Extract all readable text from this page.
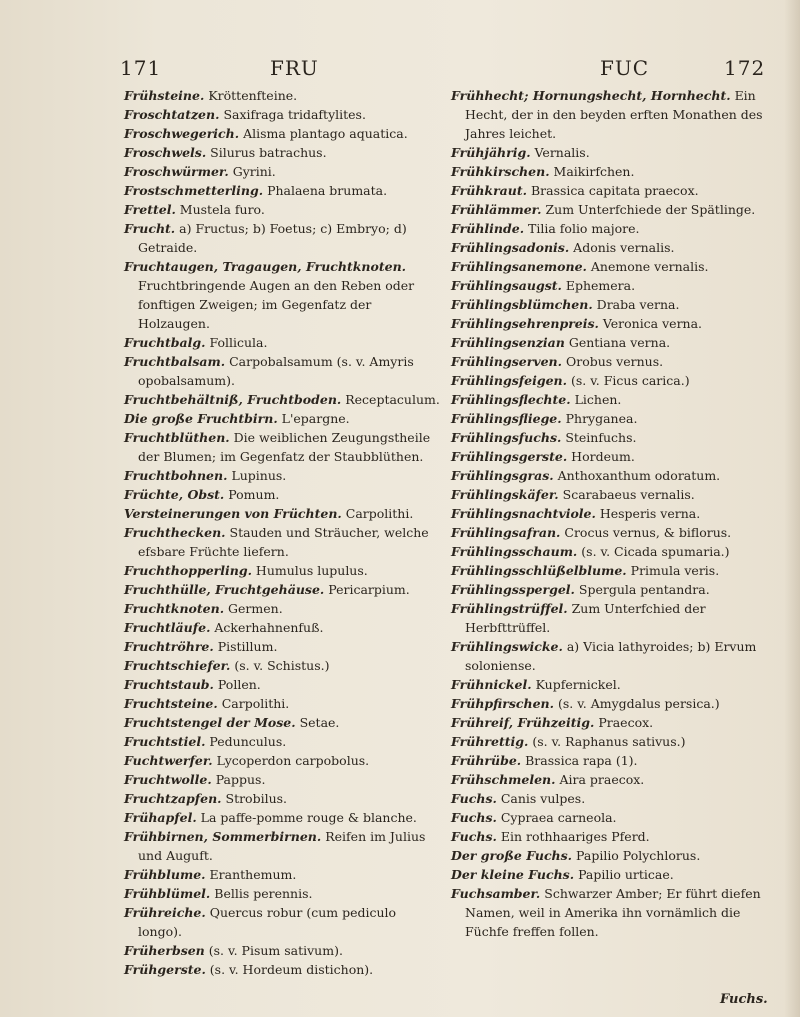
171	FRU	FUC	172
Frühsteine. Kröttenfteine.
Froschtatzen. Saxifraga tridaftylites.
Froschwegerich. Alisma plantago aquatica.
Froschwels. Silurus batrachus.
Froschwürmer. Gyrini.
Frostschmetterling. Phalaena brumata.
Frettel. Mustela furo.
Frucht. a) Fructus; b) Foetus; c) Embryo; d) Getraide.
Fruchtaugen, Tragaugen, Fruchtknoten. Fruchtbringende Augen an den Reben oder fonftigen Zweigen; im Gegenfatz der Holzaugen.
Fruchtbalg. Follicula.
Fruchtbalsam. Carpobalsamum (s. v. Amyris opobalsamum).
Fruchtbehältniß, Fruchtboden. Receptaculum.
Die große Fruchtbirn. L'epargne.
Fruchtblüthen. Die weiblichen Zeugungstheile der Blumen; im Gegenfatz der Staubblüthen.
Fruchtbohnen. Lupinus.
Früchte, Obst. Pomum.
Versteinerungen von Früchten. Carpolithi.
Fruchthecken. Stauden und Sträucher, welche efsbare Früchte liefern.
Fruchthopperling. Humulus lupulus.
Fruchthülle, Fruchtgehäuse. Pericarpium.
Fruchtknoten. Germen.
Fruchtläufe. Ackerhahnenfuß.
Fruchtröhre. Pistillum.
Fruchtschiefer. (s. v. Schistus.)
Fruchtstaub. Pollen.
Fruchtsteine. Carpolithi.
Fruchtstengel der Mose. Setae.
Fruchtstiel. Pedunculus.
Fuchtwerfer. Lycoperdon carpobolus.
Fruchtwolle. Pappus.
Fruchtzapfen. Strobilus.
Frühapfel. La paffe-pomme rouge & blanche.
Frühbirnen, Sommerbirnen. Reifen im Julius und Auguft.
Frühblume. Eranthemum.
Frühblümel. Bellis perennis.
Frühreiche. Quercus robur (cum pediculo longo).
Früherbsen (s. v. Pisum sativum).
Frühgerste. (s. v. Hordeum distichon).
Frühhecht; Hornungshecht, Hornhecht. Ein Hecht, der in den beyden erften Monathen des Jahres leichet.
Frühjährig. Vernalis.
Frühkirschen. Maikirfchen.
Frühkraut. Brassica capitata praecox.
Frühlämmer. Zum Unterfchiede der Spätlinge.
Frühlinde. Tilia folio majore.
Frühlingsadonis. Adonis vernalis.
Frühlingsanemone. Anemone vernalis.
Frühlingsaugst. Ephemera.
Frühlingsblümchen. Draba verna.
Frühlingsehrenpreis. Veronica verna.
Frühlingsenzian Gentiana verna.
Frühlingserven. Orobus vernus.
Frühlingsfeigen. (s. v. Ficus carica.)
Frühlingsflechte. Lichen.
Frühlingsfliege. Phryganea.
Frühlingsfuchs. Steinfuchs.
Frühlingsgerste. Hordeum.
Frühlingsgras. Anthoxanthum odoratum.
Frühlingskäfer. Scarabaeus vernalis.
Frühlingsnachtviole. Hesperis verna.
Frühlingsafran. Crocus vernus, & biflorus.
Frühlingsschaum. (s. v. Cicada spumaria.)
Frühlingsschlüßelblume. Primula veris.
Frühlingsspergel. Spergula pentandra.
Frühlingstrüffel. Zum Unterfchied der Herbfttrüffel.
Frühlingswicke. a) Vicia lathyroides; b) Ervum soloniense.
Frühnickel. Kupfernickel.
Frühpfirschen. (s. v. Amygdalus persica.)
Frühreif, Frühzeitig. Praecox.
Frührettig. (s. v. Raphanus sativus.)
Frührübe. Brassica rapa (1).
Frühschmelen. Aira praecox.
Fuchs. Canis vulpes.
Fuchs. Cypraea carneola.
Fuchs. Ein rothhaariges Pferd.
Der große Fuchs. Papilio Polychlorus.
Der kleine Fuchs. Papilio urticae.
Fuchsamber. Schwarzer Amber; Er führt diefen Namen, weil in Amerika ihn vornämlich die Füchfe freffen follen.
Fuchs.
